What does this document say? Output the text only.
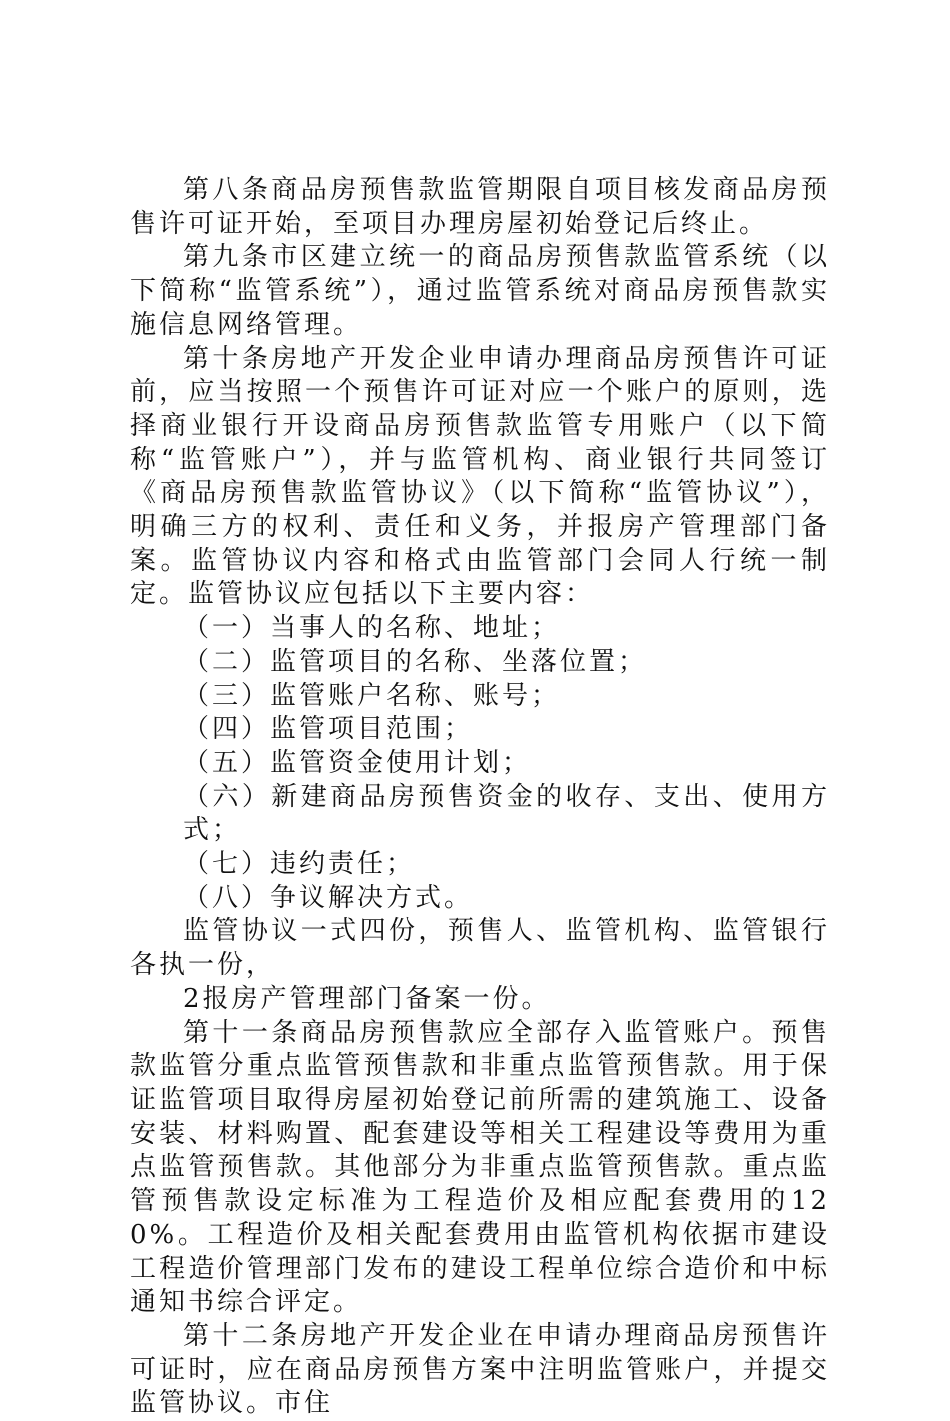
第八条商品房预售款监管期限自项目核发商品房预售许可证开始，至项目办理房屋初始登记后终止。

第九条市区建立统一的商品房预售款监管系统（以下简称“监管系统”），通过监管系统对商品房预售款实施信息网络管理。

第十条房地产开发企业申请办理商品房预售许可证前，应当按照一个预售许可证对应一个账户的原则，选择商业银行开设商品房预售款监管专用账户（以下简称“监管账户”），并与监管机构、商业银行共同签订《商品房预售款监管协议》（以下简称“监管协议”），明确三方的权利、责任和义务，并报房产管理部门备案。监管协议内容和格式由监管部门会同人行统一制定。监管协议应包括以下主要内容：

（一）当事人的名称、地址；

（二）监管项目的名称、坐落位置；

（三）监管账户名称、账号；

（四）监管项目范围；

（五）监管资金使用计划；

（六）新建商品房预售资金的收存、支出、使用方式；

（七）违约责任；

（八）争议解决方式。

监管协议一式四份，预售人、监管机构、监管银行各执一份，

2报房产管理部门备案一份。

第十一条商品房预售款应全部存入监管账户。预售款监管分重点监管预售款和非重点监管预售款。用于保证监管项目取得房屋初始登记前所需的建筑施工、设备安装、材料购置、配套建设等相关工程建设等费用为重点监管预售款。其他部分为非重点监管预售款。重点监管预售款设定标准为工程造价及相应配套费用的120%。工程造价及相关配套费用由监管机构依据市建设工程造价管理部门发布的建设工程单位综合造价和中标通知书综合评定。

第十二条房地产开发企业在申请办理商品房预售许可证时，应在商品房预售方案中注明监管账户，并提交监管协议。市住
